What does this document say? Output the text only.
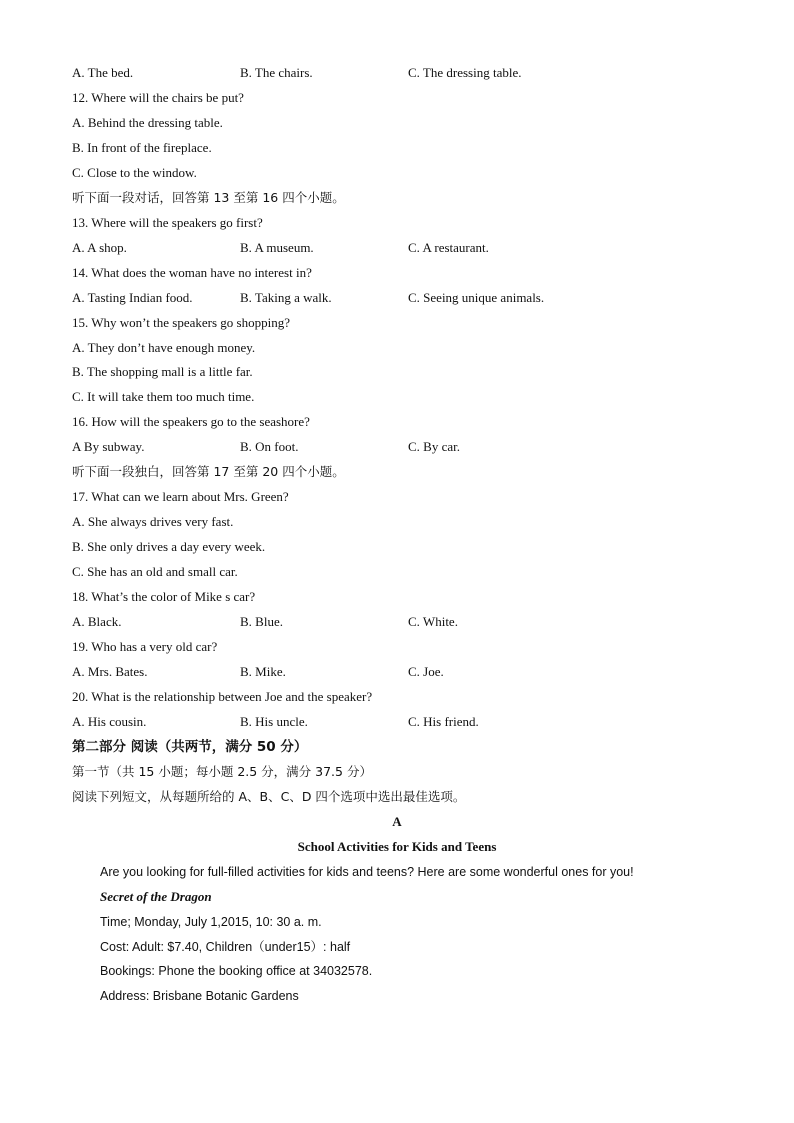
A. The bed.	B. The chairs.	C. The dressing table.
12. Where will the chairs be put?
A. Behind the dressing table.
B. In front of the fireplace.
C. Close to the window.
听下面一段对话，回答第 13 至第 16 四个小题。
13. Where will the speakers go first?
A. A shop.	B. A museum.	C. A restaurant.
14. What does the woman have no interest in?
A. Tasting Indian food.	B. Taking a walk.	C. Seeing unique animals.
15. Why won’t the speakers go shopping?
A. They don’t have enough money.
B. The shopping mall is a little far.
C. It will take them too much time.
16. How will the speakers go to the seashore?
A By subway.	B. On foot.	C. By car.
听下面一段独白，回答第 17 至第 20 四个小题。
17. What can we learn about Mrs. Green?
A. She always drives very fast.
B. She only drives a day every week.
C. She has an old and small car.
18. What’s the color of Mike s car?
A. Black.	B. Blue.	C. White.
19. Who has a very old car?
A. Mrs. Bates.	B. Mike.	C. Joe.
20. What is the relationship between Joe and the speaker?
A. His cousin.	B. His uncle.	C. His friend.
第二部分 阅读（共两节，满分 50 分）
第一节（共 15 小题；每小题 2.5 分，满分 37.5 分）
阅读下列短文，从每题所给的 A、B、C、D 四个选项中选出最佳选项。
A
School Activities for Kids and Teens
Are you looking for full-filled activities for kids and teens? Here are some wonderful ones for you!
Secret of the Dragon
Time; Monday, July 1,2015, 10: 30 a. m.
Cost: Adult: $7.40, Children（under15）: half
Bookings: Phone the booking office at 34032578.
Address: Brisbane Botanic Gardens
